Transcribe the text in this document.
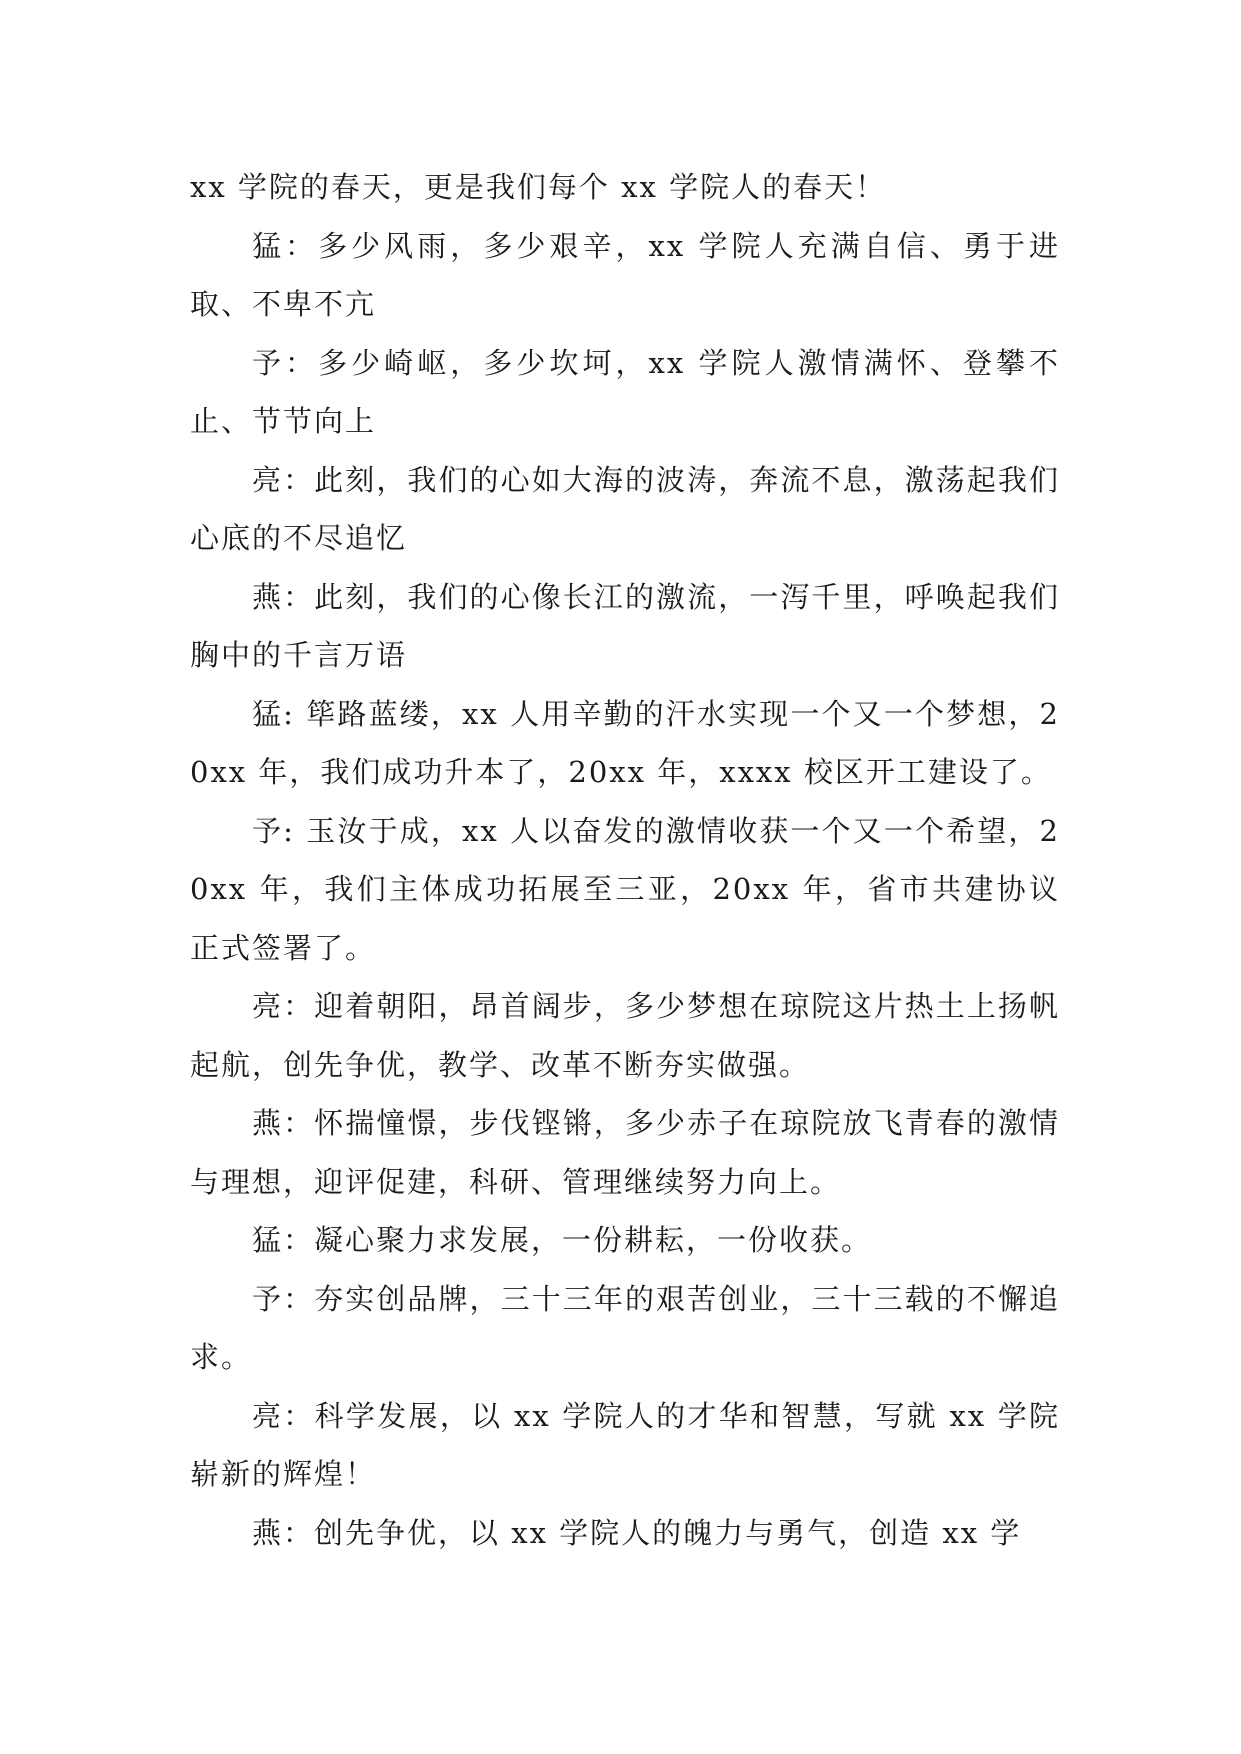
xx 学院的春天，更是我们每个 xx 学院人的春天！

猛：多少风雨，多少艰辛，xx 学院人充满自信、勇于进取、不卑不亢

予：多少崎岖，多少坎坷，xx 学院人激情满怀、登攀不止、节节向上

亮：此刻，我们的心如大海的波涛，奔流不息，激荡起我们心底的不尽追忆

燕：此刻，我们的心像长江的激流，一泻千里，呼唤起我们胸中的千言万语

猛: 筚路蓝缕，xx 人用辛勤的汗水实现一个又一个梦想，20xx 年，我们成功升本了，20xx 年，xxxx 校区开工建设了。

予: 玉汝于成，xx 人以奋发的激情收获一个又一个希望，20xx 年，我们主体成功拓展至三亚，20xx 年，省市共建协议正式签署了。

亮：迎着朝阳，昂首阔步，多少梦想在琼院这片热土上扬帆起航，创先争优，教学、改革不断夯实做强。

燕：怀揣憧憬，步伐铿锵，多少赤子在琼院放飞青春的激情与理想，迎评促建，科研、管理继续努力向上。

猛：凝心聚力求发展，一份耕耘，一份收获。

予：夯实创品牌，三十三年的艰苦创业，三十三载的不懈追求。

亮：科学发展，以 xx 学院人的才华和智慧，写就 xx 学院崭新的辉煌！

燕：创先争优，以 xx 学院人的魄力与勇气，创造 xx 学
